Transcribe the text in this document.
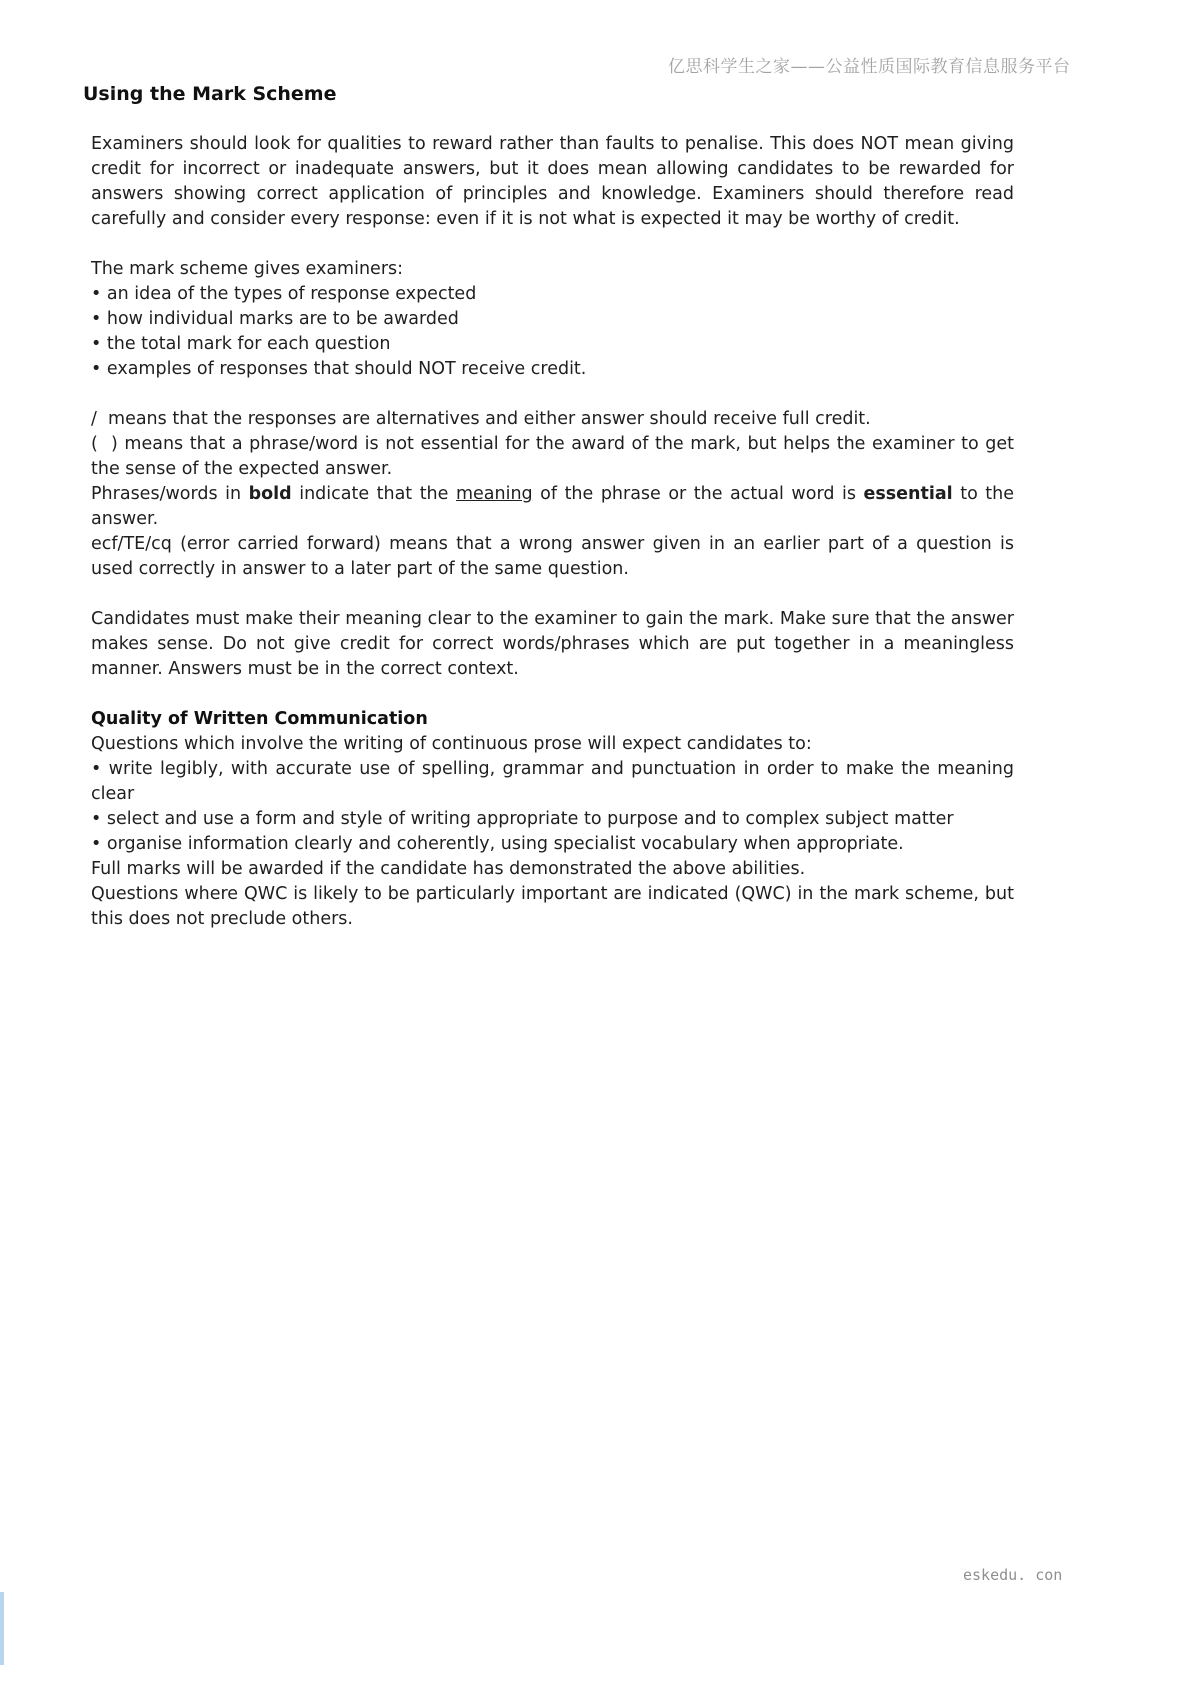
亿思科学生之家——公益性质国际教育信息服务平台
Using the Mark Scheme

Examiners should look for qualities to reward rather than faults to penalise. This does NOT mean giving credit for incorrect or inadequate answers, but it does mean allowing candidates to be rewarded for answers showing correct application of principles and knowledge. Examiners should therefore read carefully and consider every response: even if it is not what is expected it may be worthy of credit.

The mark scheme gives examiners:

• an idea of the types of response expected

• how individual marks are to be awarded

• the total mark for each question

• examples of responses that should NOT receive credit.

/  means that the responses are alternatives and either answer should receive full credit.

(  ) means that a phrase/word is not essential for the award of the mark, but helps the examiner to get the sense of the expected answer.

Phrases/words in bold indicate that the meaning of the phrase or the actual word is essential to the answer.

ecf/TE/cq (error carried forward) means that a wrong answer given in an earlier part of a question is used correctly in answer to a later part of the same question.

Candidates must make their meaning clear to the examiner to gain the mark. Make sure that the answer makes sense. Do not give credit for correct words/phrases which are put together in a meaningless manner. Answers must be in the correct context.

Quality of Written Communication

Questions which involve the writing of continuous prose will expect candidates to:

• write legibly, with accurate use of spelling, grammar and punctuation in order to make the meaning clear

• select and use a form and style of writing appropriate to purpose and to complex subject matter

• organise information clearly and coherently, using specialist vocabulary when appropriate.

Full marks will be awarded if the candidate has demonstrated the above abilities.

Questions where QWC is likely to be particularly important are indicated (QWC) in the mark scheme, but this does not preclude others.

eskedu. con
